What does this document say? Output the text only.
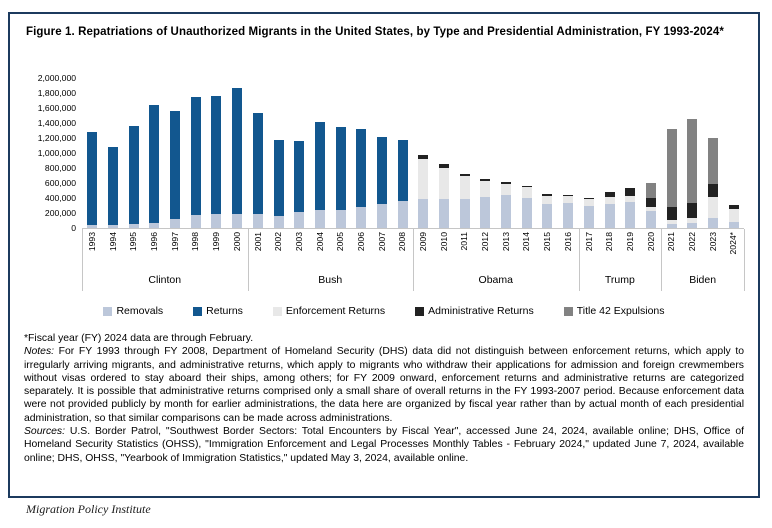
Figure 1. Repatriations of Unauthorized Migrants in the United States, by Type and Presidential Administration, FY 1993-2024*
2,000,000
1,800,000
1,600,000
1,400,000
1,200,000
1,000,000
800,000
600,000
400,000
200,000
0
1993 1994 1995 1996 1997 1998 1999 2000 2001 2002 2003 2004 2005 2006 2007 2008 2009 2010 2011 2012 2013 2014 2015 2016 2017 2018 2019 2020 2021 2022 2023 2024*
Clinton	Bush	Obama	Trump	Biden
Removals	Returns	Enforcement Returns	Administrative Returns	Title 42 Expulsions

*Fiscal year (FY) 2024 data are through February.

Notes: For FY 1993 through FY 2008, Department of Homeland Security (DHS) data did not distinguish between enforcement returns, which apply to irregularly arriving migrants, and administrative returns, which apply to migrants who withdraw their applications for admission and foreign crewmembers without visas ordered to stay aboard their ships, among others; for FY 2009 onward, enforcement returns and administrative returns are categorized separately. It is possible that administrative returns comprised only a small share of overall returns in the FY 1993-2007 period. Because enforcement data were not provided publicly by month for earlier administrations, the data here are organized by fiscal year rather than by actual month of each presidential administration, so that similar comparisons can be made across administrations.

Sources: U.S. Border Patrol, "Southwest Border Sectors: Total Encounters by Fiscal Year", accessed June 24, 2024, available online; DHS, Office of Homeland Security Statistics (OHSS), "Immigration Enforcement and Legal Processes Monthly Tables - February 2024," updated June 7, 2024, available online; DHS, OHSS, "Yearbook of Immigration Statistics," updated May 3, 2024, available online.

Migration Policy Institute
